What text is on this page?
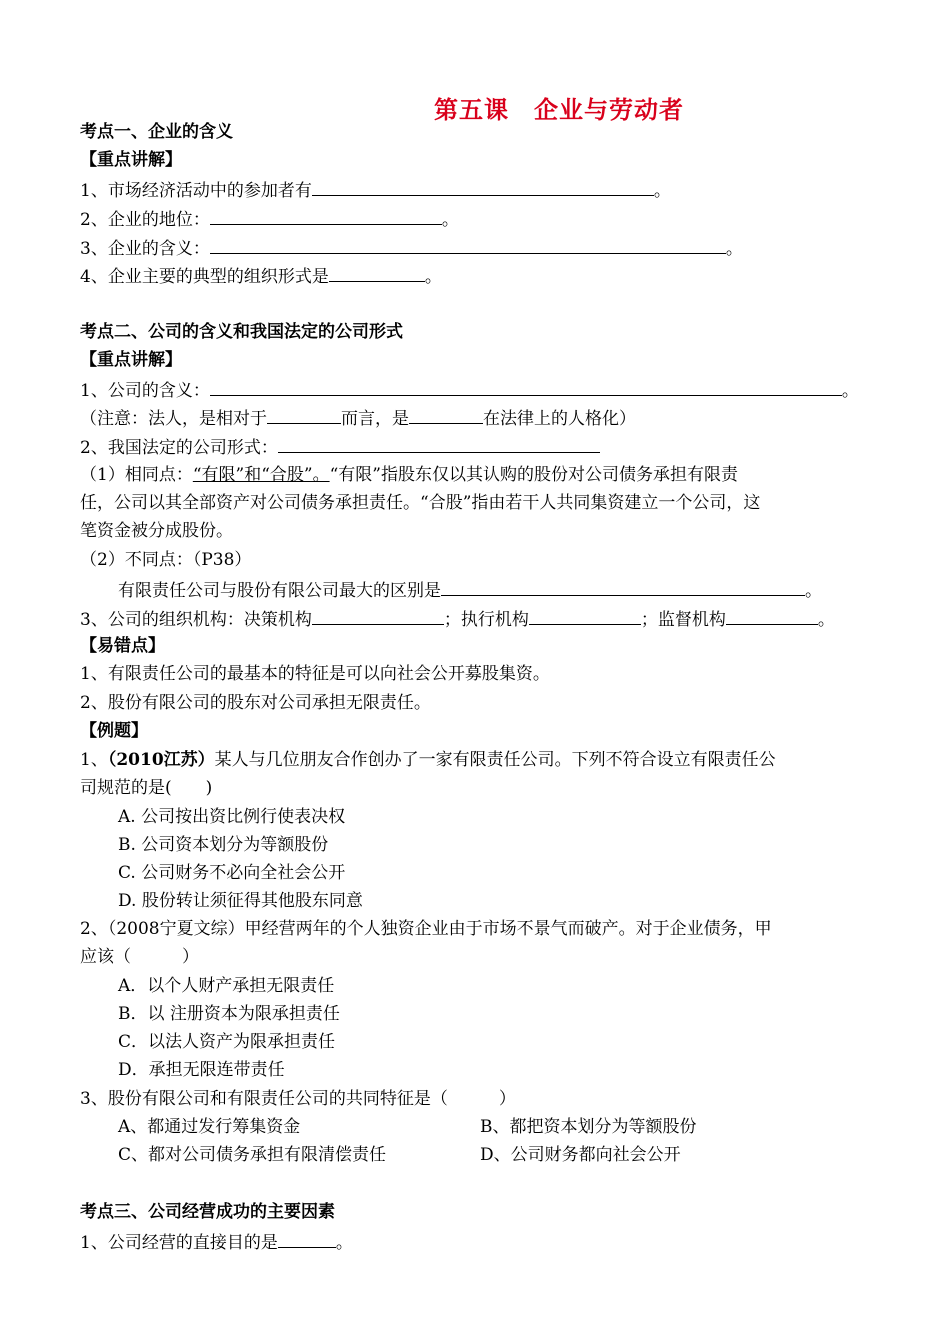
第五课　企业与劳动者
考点一、企业的含义
【重点讲解】
1、市场经济活动中的参加者有	。
2、企业的地位：	。
3、企业的含义：	。
4、企业主要的典型的组织形式是	。
考点二、公司的含义和我国法定的公司形式
【重点讲解】
1、公司的含义：	。
（注意：法人，是相对于	而言，是	在法律上的人格化）
2、我国法定的公司形式：
（1）相同点：“有限”和“合股”。“有限”指股东仅以其认购的股份对公司债务承担有限责
任，公司以其全部资产对公司债务承担责任。“合股”指由若干人共同集资建立一个公司，这
笔资金被分成股份。
（2）不同点：（P38）
有限责任公司与股份有限公司最大的区别是	。
3、公司的组织机构：决策机构	；执行机构	；监督机构	。
【易错点】
1、有限责任公司的最基本的特征是可以向社会公开募股集资。
2、股份有限公司的股东对公司承担无限责任。
【例题】
1、（2010江苏）某人与几位朋友合作创办了一家有限责任公司。下列不符合设立有限责任公
司规范的是(　　)
A. 公司按出资比例行使表决权
B. 公司资本划分为等额股份
C. 公司财务不必向全社会公开
D. 股份转让须征得其他股东同意
2、（2008宁夏文综）甲经营两年的个人独资企业由于市场不景气而破产。对于企业债务，甲
应该（　　　）
A．以个人财产承担无限责任
B．以 注册资本为限承担责任
C．以法人资产为限承担责任
D．承担无限连带责任
3、股份有限公司和有限责任公司的共同特征是（　　　）
A、都通过发行筹集资金	B、都把资本划分为等额股份
C、都对公司债务承担有限清偿责任	D、公司财务都向社会公开
考点三、公司经营成功的主要因素
1、公司经营的直接目的是	。
